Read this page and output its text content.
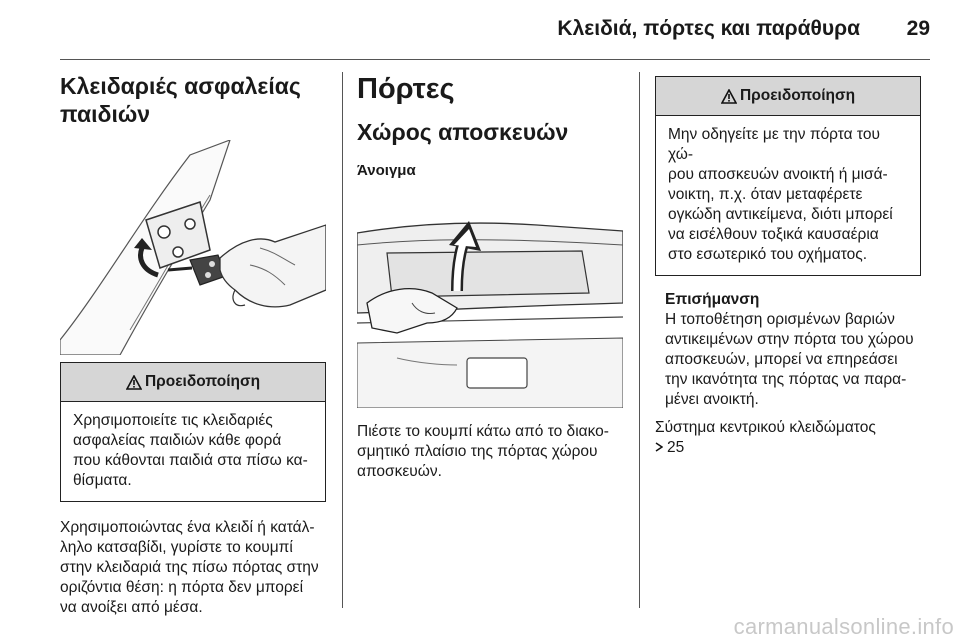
Κλειδιά, πόρτες και παράθυρα 29
Κλειδαριές ασφαλείας
παιδιών
Προειδοποίηση
Χρησιμοποιείτε τις κλειδαριές
ασφαλείας παιδιών κάθε φορά
που κάθονται παιδιά στα πίσω κα-
θίσματα.

Χρησιμοποιώντας ένα κλειδί ή κατάλ-
ληλο κατσαβίδι, γυρίστε το κουμπί
στην κλειδαριά της πίσω πόρτας στην
οριζόντια θέση: η πόρτα δεν μπορεί
να ανοίξει από μέσα.

Πόρτες
Χώρος αποσκευών
Άνοιγμα

Πιέστε το κουμπί κάτω από το διακο-
σμητικό πλαίσιο της πόρτας χώρου
αποσκευών.

Προειδοποίηση
Μην οδηγείτε με την πόρτα του χώ-
ρου αποσκευών ανοικτή ή μισά-
νοικτη, π.χ. όταν μεταφέρετε
ογκώδη αντικείμενα, διότι μπορεί
να εισέλθουν τοξικά καυσαέρια
στο εσωτερικό του οχήματος.
Επισήμανση

Η τοποθέτηση ορισμένων βαριών
αντικειμένων στην πόρτα του χώρου
αποσκευών, μπορεί να επηρεάσει
την ικανότητα της πόρτας να παρα-
μένει ανοικτή.

Σύστημα κεντρικού κλειδώματος
25

carmanualsonline.info
